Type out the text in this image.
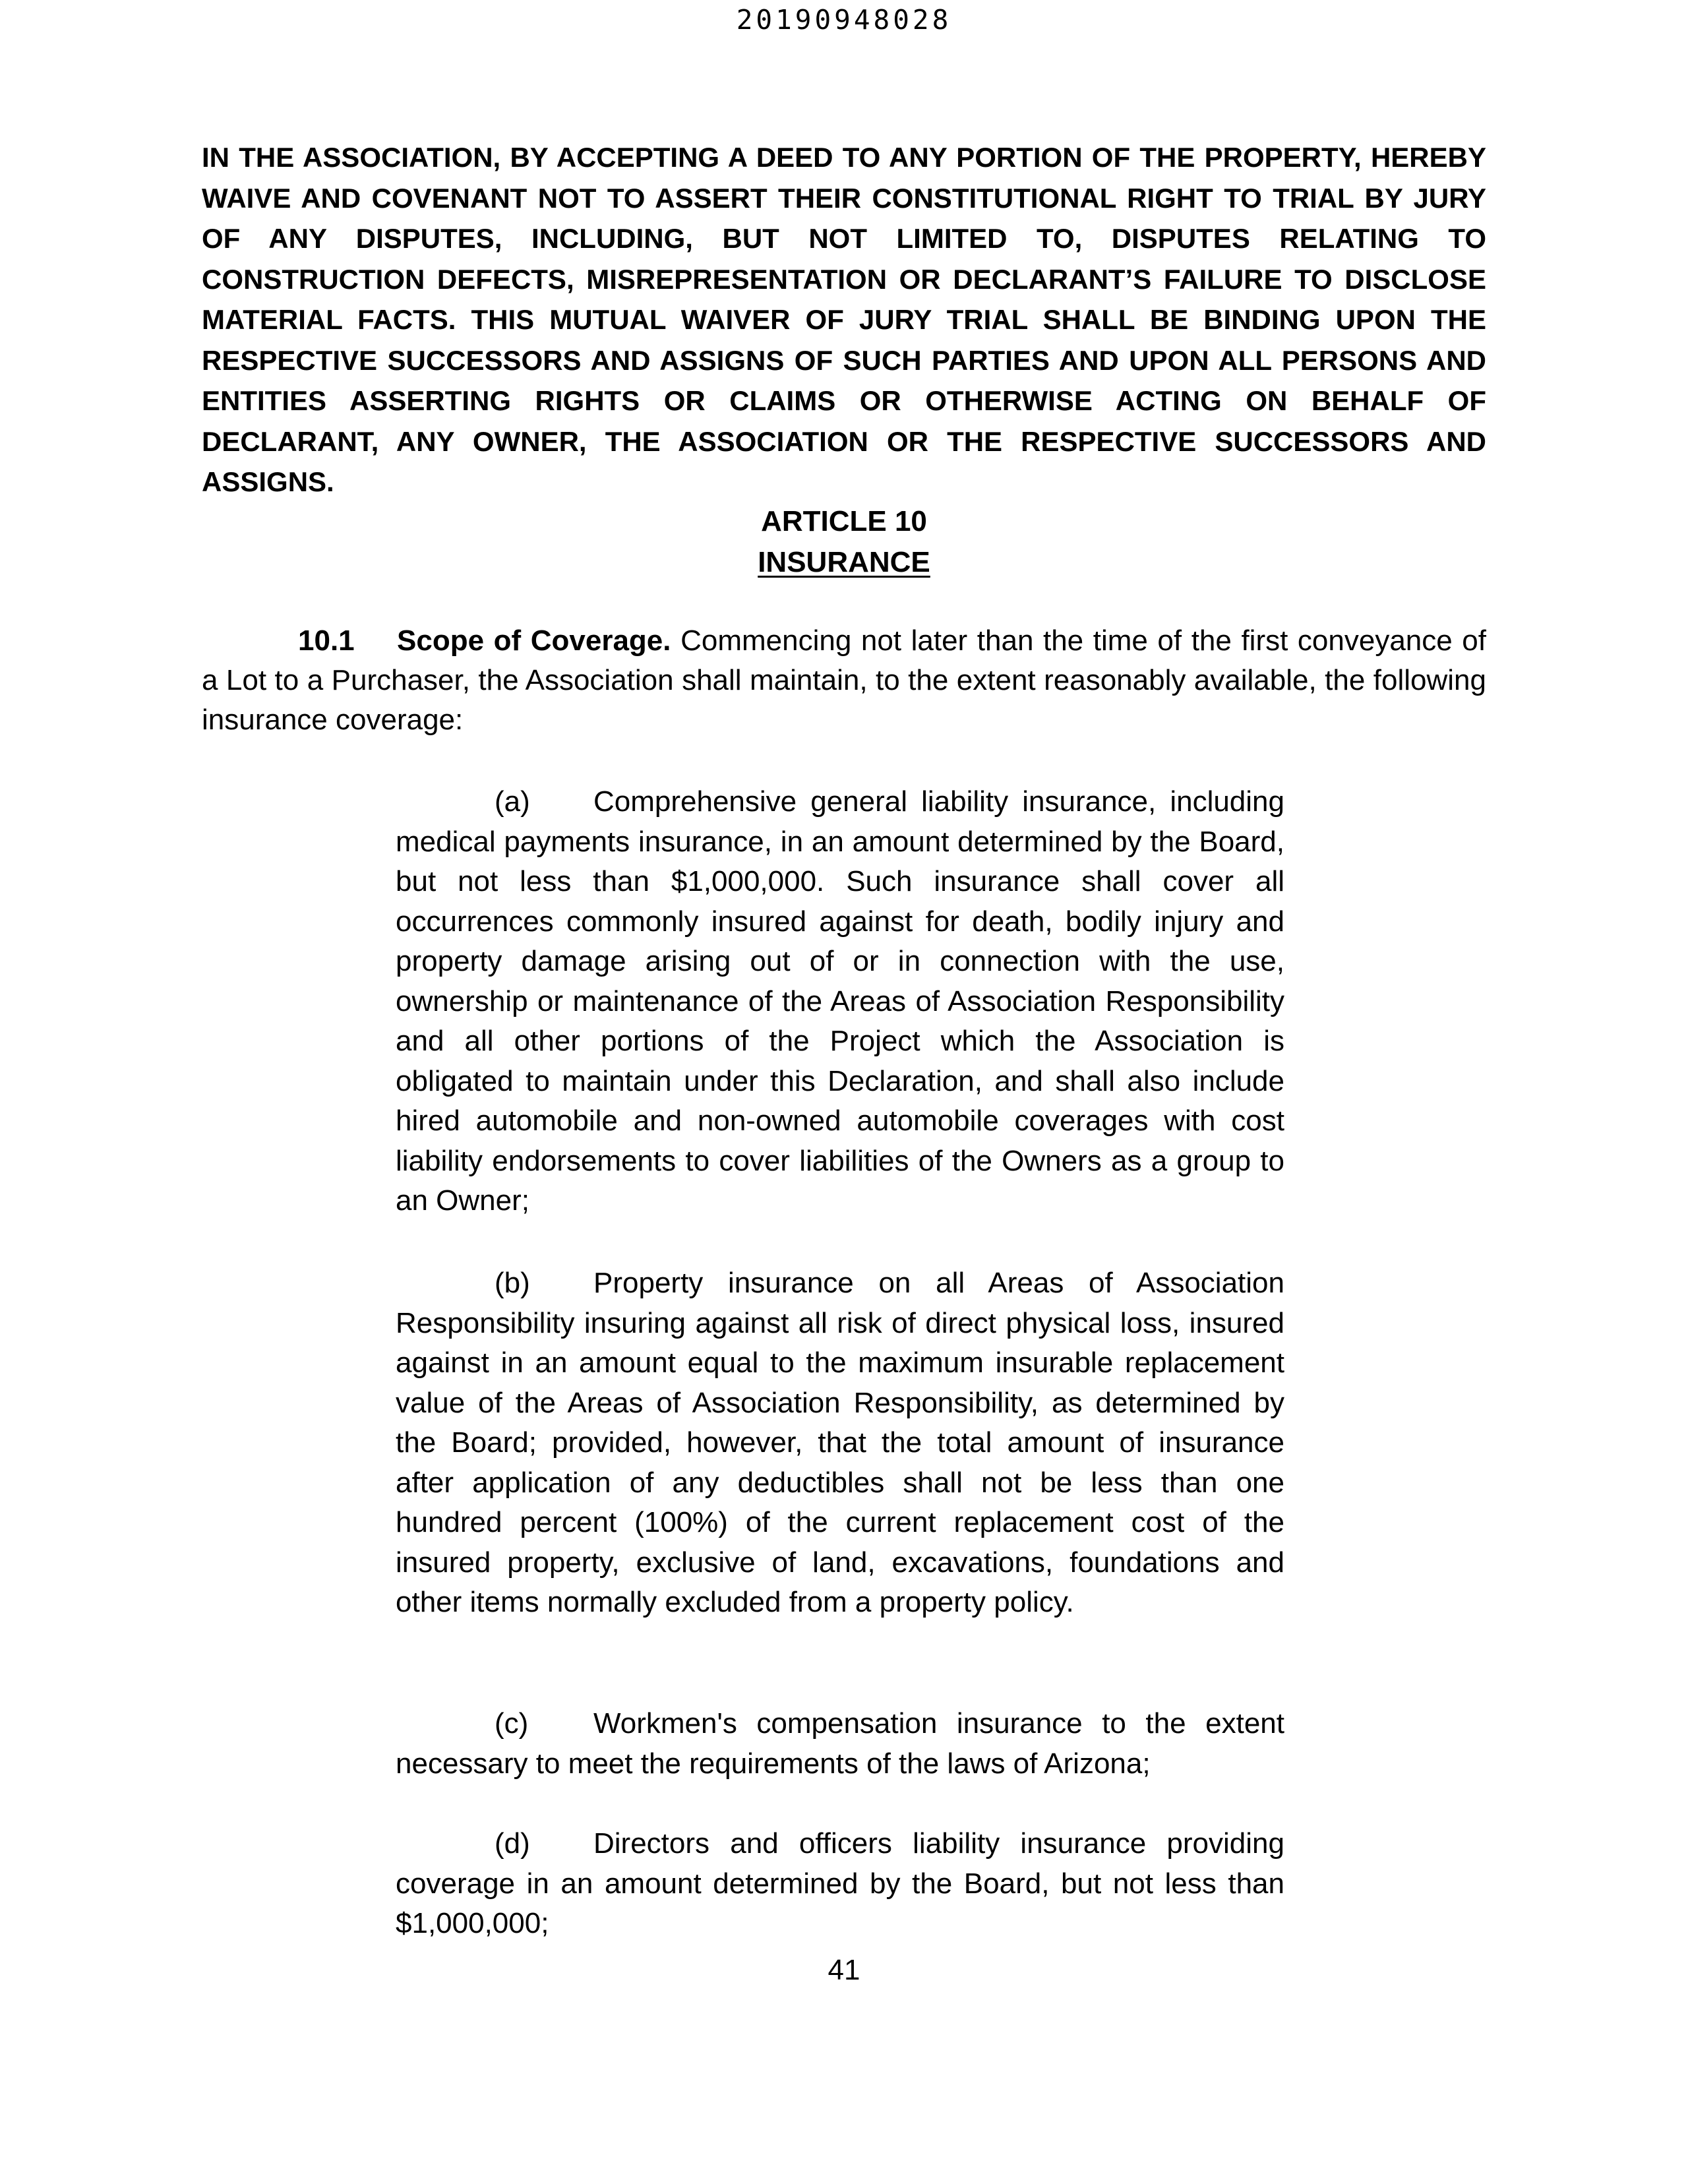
20190948028

IN THE ASSOCIATION, BY ACCEPTING A DEED TO ANY PORTION OF THE PROPERTY, HEREBY WAIVE AND COVENANT NOT TO ASSERT THEIR CONSTITUTIONAL RIGHT TO TRIAL BY JURY OF ANY DISPUTES, INCLUDING, BUT NOT LIMITED TO, DISPUTES RELATING TO CONSTRUCTION DEFECTS, MISREPRESENTATION OR DECLARANT’S FAILURE TO DISCLOSE MATERIAL FACTS. THIS MUTUAL WAIVER OF JURY TRIAL SHALL BE BINDING UPON THE RESPECTIVE SUCCESSORS AND ASSIGNS OF SUCH PARTIES AND UPON ALL PERSONS AND ENTITIES ASSERTING RIGHTS OR CLAIMS OR OTHERWISE ACTING ON BEHALF OF DECLARANT, ANY OWNER, THE ASSOCIATION OR THE RESPECTIVE SUCCESSORS AND ASSIGNS.

ARTICLE 10
INSURANCE

10.1 Scope of Coverage. Commencing not later than the time of the first conveyance of a Lot to a Purchaser, the Association shall maintain, to the extent reasonably available, the following insurance coverage:

(a) Comprehensive general liability insurance, including medical payments insurance, in an amount determined by the Board, but not less than $1,000,000. Such insurance shall cover all occurrences commonly insured against for death, bodily injury and property damage arising out of or in connection with the use, ownership or maintenance of the Areas of Association Responsibility and all other portions of the Project which the Association is obligated to maintain under this Declaration, and shall also include hired automobile and non-owned automobile coverages with cost liability endorsements to cover liabilities of the Owners as a group to an Owner;

(b) Property insurance on all Areas of Association Responsibility insuring against all risk of direct physical loss, insured against in an amount equal to the maximum insurable replacement value of the Areas of Association Responsibility, as determined by the Board; provided, however, that the total amount of insurance after application of any deductibles shall not be less than one hundred percent (100%) of the current replacement cost of the insured property, exclusive of land, excavations, foundations and other items normally excluded from a property policy.

(c) Workmen's compensation insurance to the extent necessary to meet the requirements of the laws of Arizona;

(d) Directors and officers liability insurance providing coverage in an amount determined by the Board, but not less than $1,000,000;

41
